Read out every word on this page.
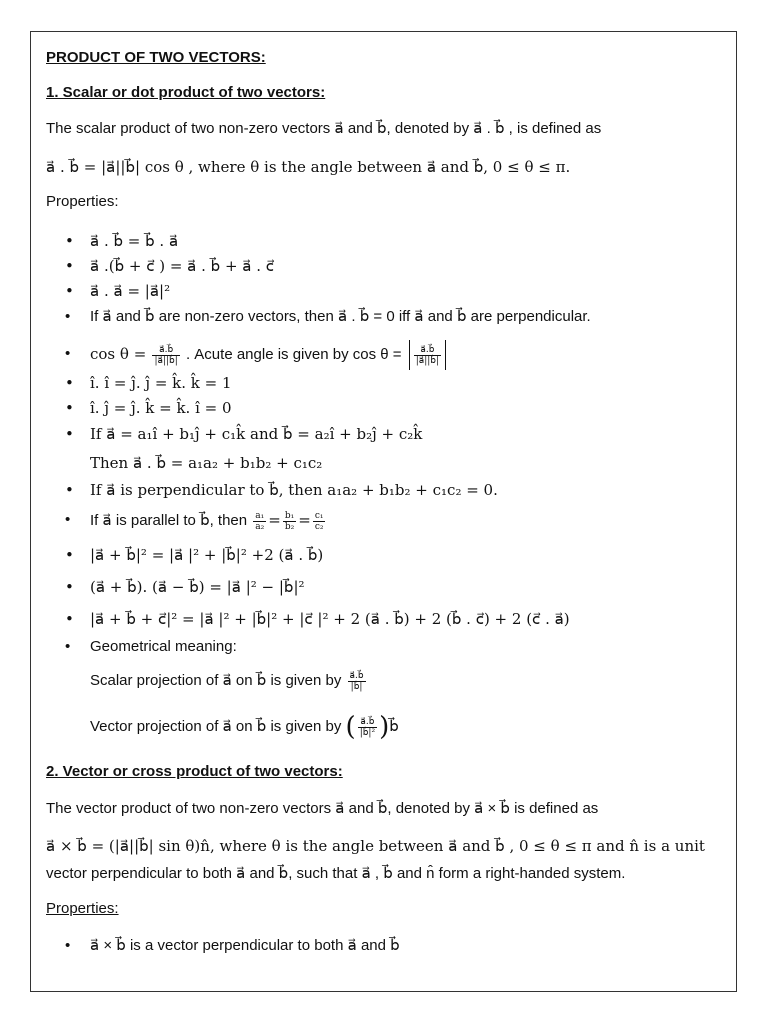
PRODUCT OF TWO VECTORS:
1. Scalar or dot product of two vectors:
The scalar product of two non-zero vectors a⃗ and b⃗, denoted by a⃗ . b⃗ , is defined as
a⃗ . b⃗ = |a⃗||b⃗| cos θ , where θ is the angle between a⃗ and b⃗, 0 ≤ θ ≤ π.
Properties:
• a⃗ . b⃗ = b⃗ . a⃗
• a⃗ .(b⃗ + c⃗ ) = a⃗ . b⃗ + a⃗ . c⃗
• a⃗ . a⃗ = |a⃗|²
• If a⃗ and b⃗ are non-zero vectors, then a⃗ . b⃗ = 0 iff a⃗ and b⃗ are perpendicular.
• $\cos \theta = \frac{a⃗.b⃗}{|a⃗||b⃗|}$ . Acute angle is given by $\cos \theta = \frac{a⃗.b⃗}{|a⃗||b⃗|}$
• î. î = ĵ. ĵ = k̂. k̂ = 1
• î. ĵ = ĵ. k̂ = k̂. î = 0
• If a⃗ = a₁î + b₁ĵ + c₁k̂ and b⃗ = a₂î + b₂ĵ + c₂k̂
Then a⃗ . b⃗ = a₁a₂ + b₁b₂ + c₁c₂
• If a⃗ is perpendicular to b⃗, then a₁a₂ + b₁b₂ + c₁c₂ = 0.
• If a⃗ is parallel to b⃗, then $\frac{\text{a₁}}{\text{a₂}} = \frac{\text{b₁}}{\text{b₂}} = \frac{\text{c₁}}{\text{c₂}}$
• |a⃗ + b⃗|² = |a⃗ |² + |b⃗|² +2 (a⃗ . b⃗)
• (a⃗ + b⃗). (a⃗ − b⃗) = |a⃗ |² − |b⃗|²
• |a⃗ + b⃗ + c⃗|² = |a⃗ |² + |b⃗|² + |c⃗ |² + 2 (a⃗ . b⃗) + 2 (b⃗ . c⃗) + 2 (c⃗ . a⃗)
• Geometrical meaning:
Scalar projection of a⃗ on b⃗ is given by $\frac{a⃗.b⃗}{|b⃗|}$
Vector projection of a⃗ on b⃗ is given by ( $\frac{a⃗.b⃗}{\text{|b⃗|²}}$ )b⃗
2. Vector or cross product of two vectors:
The vector product of two non-zero vectors a⃗ and b⃗, denoted by a⃗ × b⃗ is defined as
a⃗ × b⃗ = (|a⃗||b⃗| sin θ)n̂, where θ is the angle between a⃗ and b⃗ , 0 ≤ θ ≤ π and n̂ is a unit
vector perpendicular to both a⃗ and b⃗, such that a⃗ , b⃗ and n̂ form a right-handed system.
Properties:
• a⃗ × b⃗ is a vector perpendicular to both a⃗ and b⃗
